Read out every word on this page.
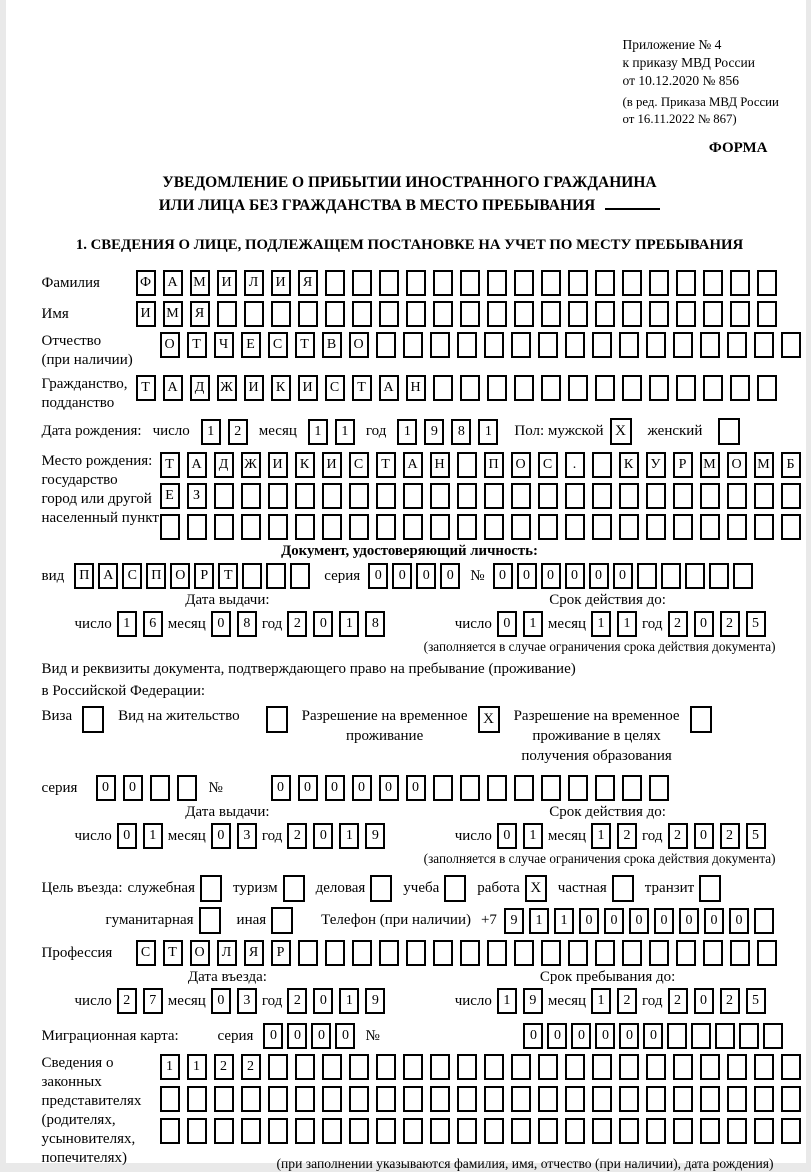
Приложение № 4
к приказу МВД России
от 10.12.2020 № 856
(в ред. Приказа МВД России
от 16.11.2022 № 867)
ФОРМА
УВЕДОМЛЕНИЕ О ПРИБЫТИИ ИНОСТРАННОГО ГРАЖДАНИНА
ИЛИ ЛИЦА БЕЗ ГРАЖДАНСТВА В МЕСТО ПРЕБЫВАНИЯ
1. СВЕДЕНИЯ О ЛИЦЕ, ПОДЛЕЖАЩЕМ ПОСТАНОВКЕ НА УЧЕТ ПО МЕСТУ ПРЕБЫВАНИЯ
Фамилия	Ф	А	М	И	Л	И	Я
Имя	И	М	Я
Отчество
(при наличии)
О	Т	Ч	Е	С	Т	В	О
Гражданство,
подданство
Т	А	Д	Ж	И	К	И	С	Т	А	Н
Дата рождения: число	1	2	месяц	1	1	год	1	9	8	1	Пол: мужской X	женский
Место рождения:
государство
город или другой
населенный пункт
Т	А	Д	Ж	И	К	И	С	Т	А	Н	П	О	С	.	К	У	Р	М	О	М	Б
Е	З
Документ, удостоверяющий личность:
вид	П А	С	П О	Р	Т	серия	0	0	0	0	№	0	0	0	0	0	0
Дата выдачи:
число 1	6 месяц 0	8 год 2	0	1	8
Срок действия до:
число 0	1 месяц 1	1 год 2	0	2	5
(заполняется в случае ограничения срока действия документа)
Вид и реквизиты документа, подтверждающего право на пребывание (проживание)
в Российской Федерации:
Виза	Вид на жительство	Разрешение на временное
проживание
X	Разрешение на временное
проживание в целях
получения образования
серия	0	0	№	0	0	0	0	0	0
Дата выдачи:
число 0	1 месяц 0	3 год 2	0	1	9
Срок действия до:
число 0	1 месяц 1	2 год 2	0	2	5
(заполняется в случае ограничения срока действия документа)
Цель въезда: служебная	туризм	деловая	учеба	работа X	частная	транзит
гуманитарная	иная	Телефон (при наличии) +7 9	1	1	0	0	0	0	0	0	0
Профессия	С	Т	О	Л	Я	Р
Дата въезда:
число 2	7 месяц 0	3 год 2	0	1	9
Срок пребывания до:
число 1	9 месяц 1	2 год 2	0	2	5
Миграционная карта:	серия	0	0	0	0	№	0	0	0	0	0	0
Сведения о
законных
представителях
(родителях,
усыновителях,
попечителях)
1	1	2	2
(при заполнении указываются фамилия, имя, отчество (при наличии), дата рождения)
